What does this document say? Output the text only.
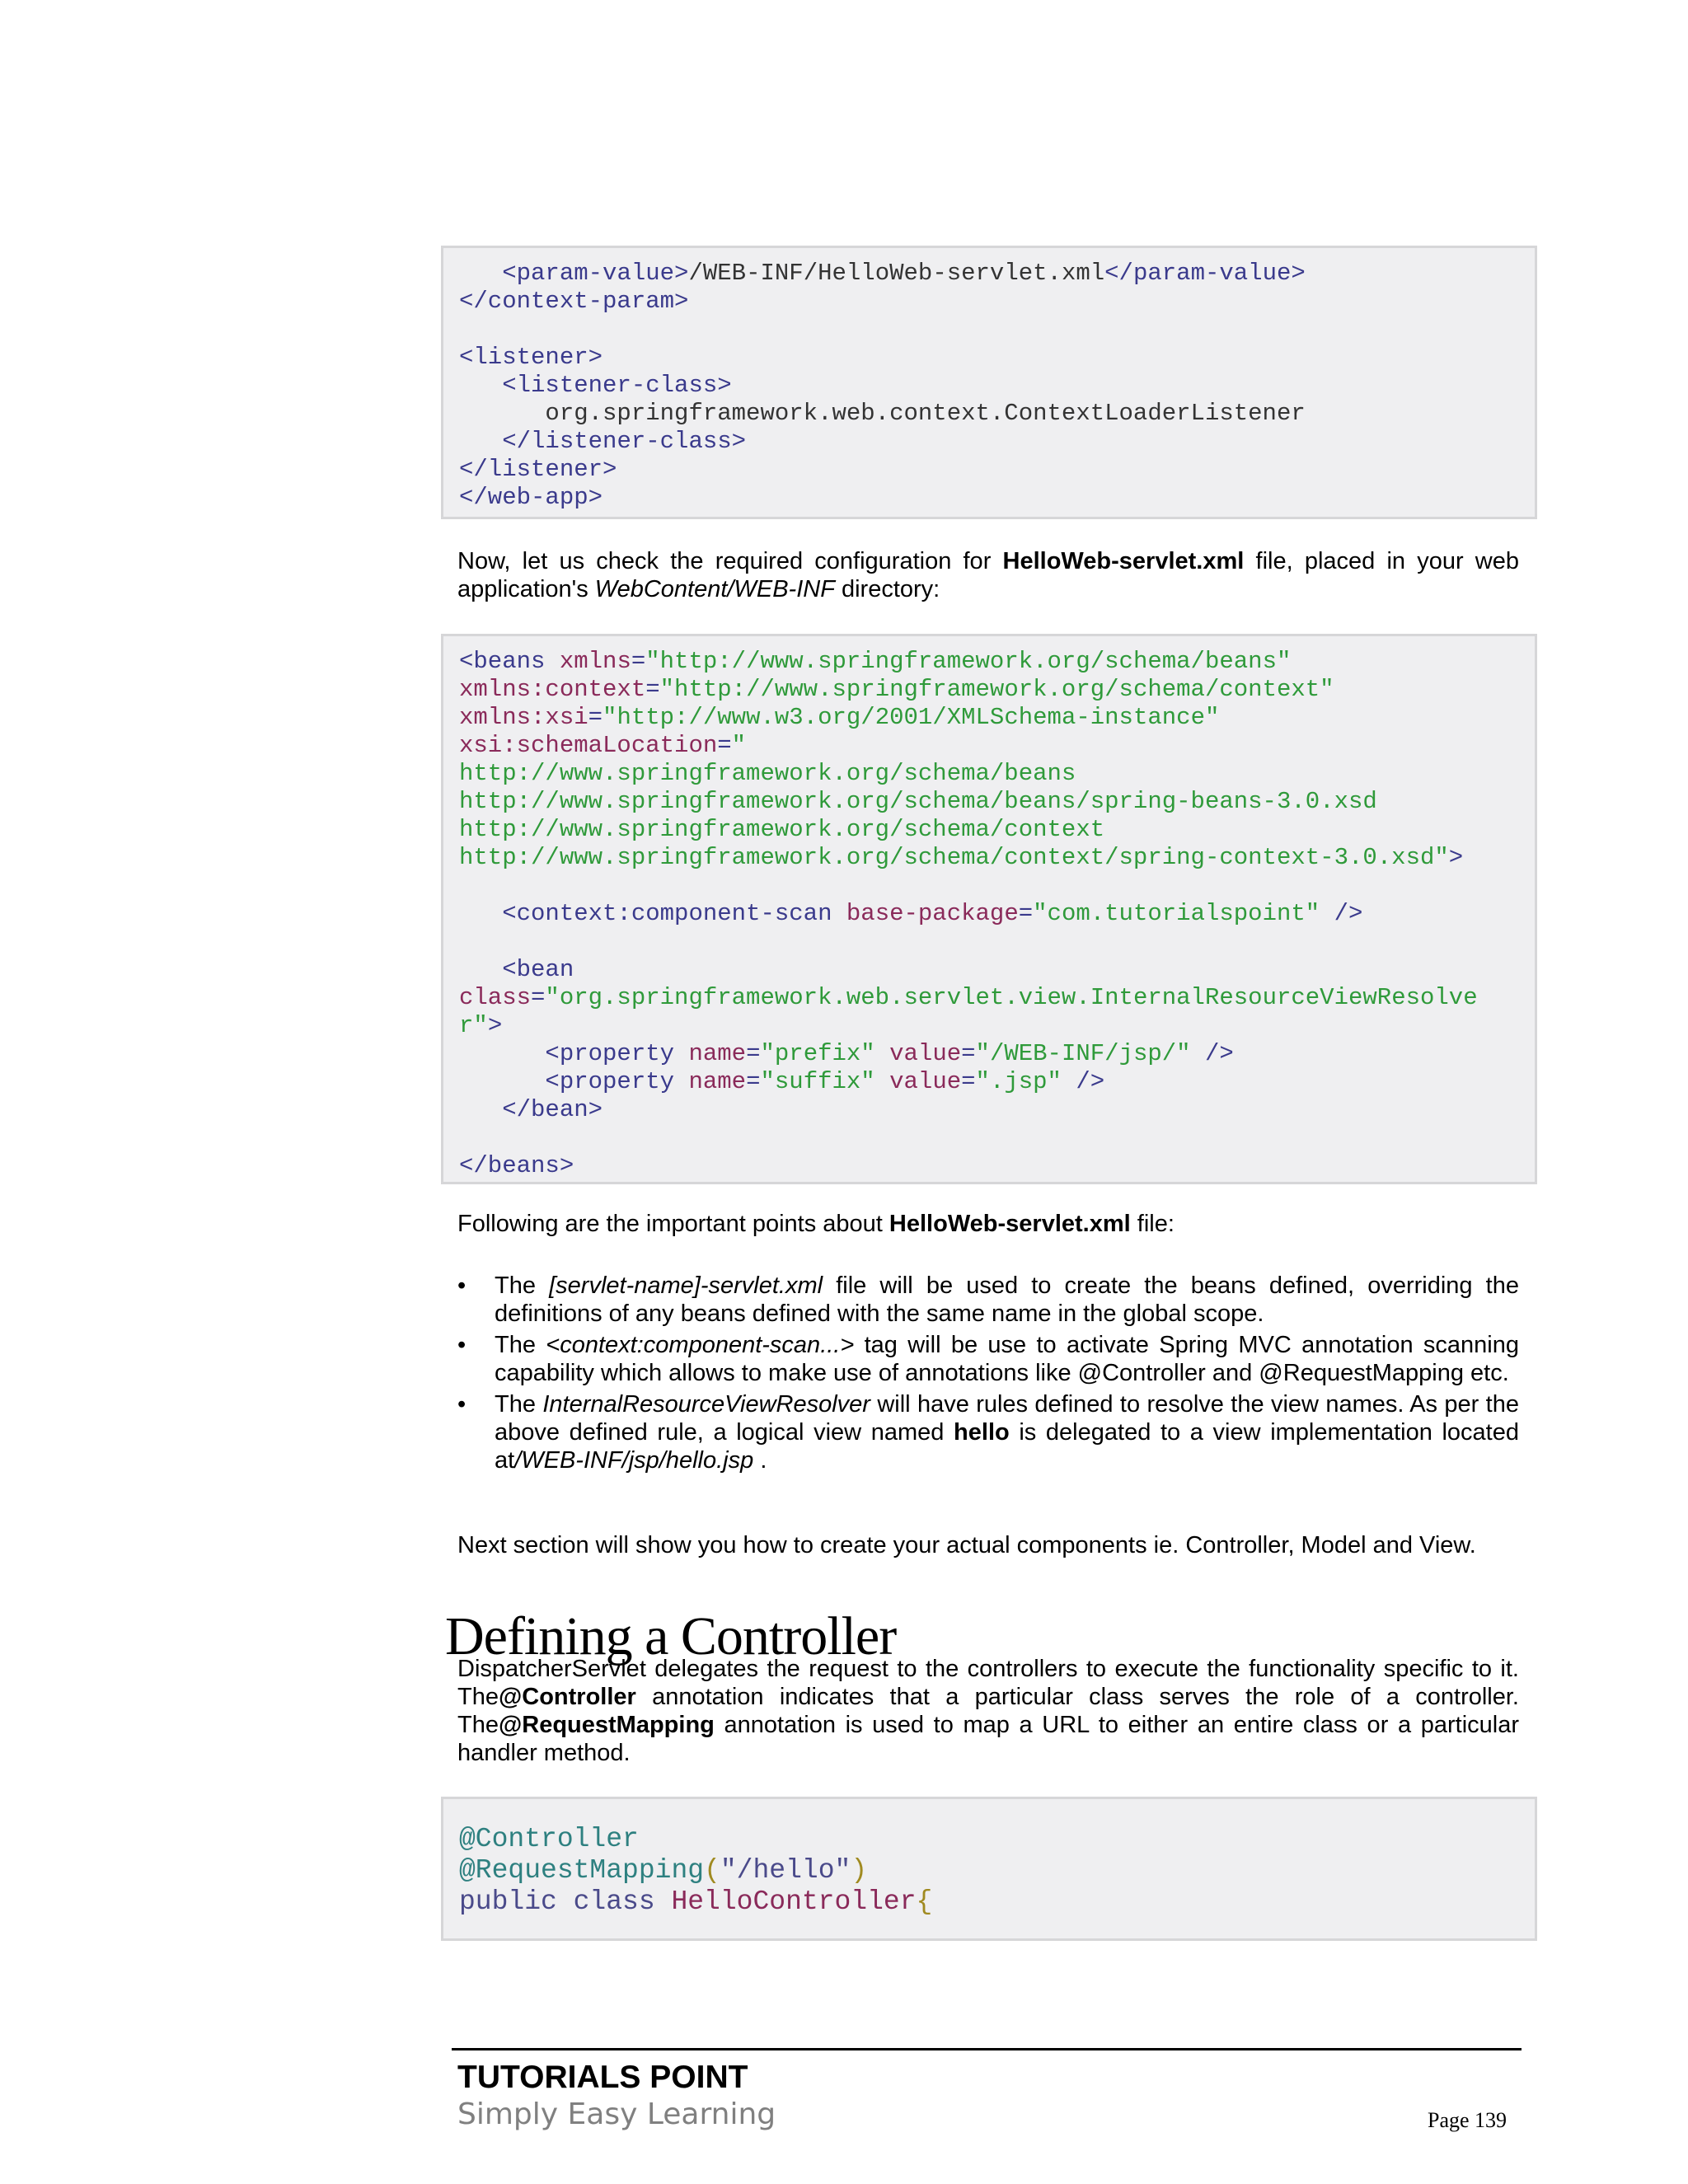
<param-value>/WEB-INF/HelloWeb-servlet.xml</param-value>
</context-param>
<listener>
<listener-class>
org.springframework.web.context.ContextLoaderListener
</listener-class>
</listener>
</web-app>
Now, let us check the required configuration for HelloWeb-servlet.xml file, placed in your web application's WebContent/WEB-INF directory:
<beans xmlns="http://www.springframework.org/schema/beans"
xmlns:context="http://www.springframework.org/schema/context"
xmlns:xsi="http://www.w3.org/2001/XMLSchema-instance"
xsi:schemaLocation="
http://www.springframework.org/schema/beans
http://www.springframework.org/schema/beans/spring-beans-3.0.xsd
http://www.springframework.org/schema/context
http://www.springframework.org/schema/context/spring-context-3.0.xsd">
<context:component-scan base-package="com.tutorialspoint" />
<bean
class="org.springframework.web.servlet.view.InternalResourceViewResolve
r">
<property name="prefix" value="/WEB-INF/jsp/" />
<property name="suffix" value=".jsp" />
</bean>
</beans>
Following are the important points about HelloWeb-servlet.xml file:
• The [servlet-name]-servlet.xml file will be used to create the beans defined, overriding the definitions of any beans defined with the same name in the global scope.
• The <context:component-scan...> tag will be use to activate Spring MVC annotation scanning capability which allows to make use of annotations like @Controller and @RequestMapping etc.
• The InternalResourceViewResolver will have rules defined to resolve the view names. As per the above defined rule, a logical view named hello is delegated to a view implementation located at/WEB-INF/jsp/hello.jsp .
Next section will show you how to create your actual components ie. Controller, Model and View.
Defining a Controller
DispatcherServlet delegates the request to the controllers to execute the functionality specific to it. The@Controller annotation indicates that a particular class serves the role of a controller. The@RequestMapping annotation is used to map a URL to either an entire class or a particular handler method.
@Controller
@RequestMapping("/hello")
public class HelloController{
TUTORIALS POINT
Simply Easy Learning	Page 139
